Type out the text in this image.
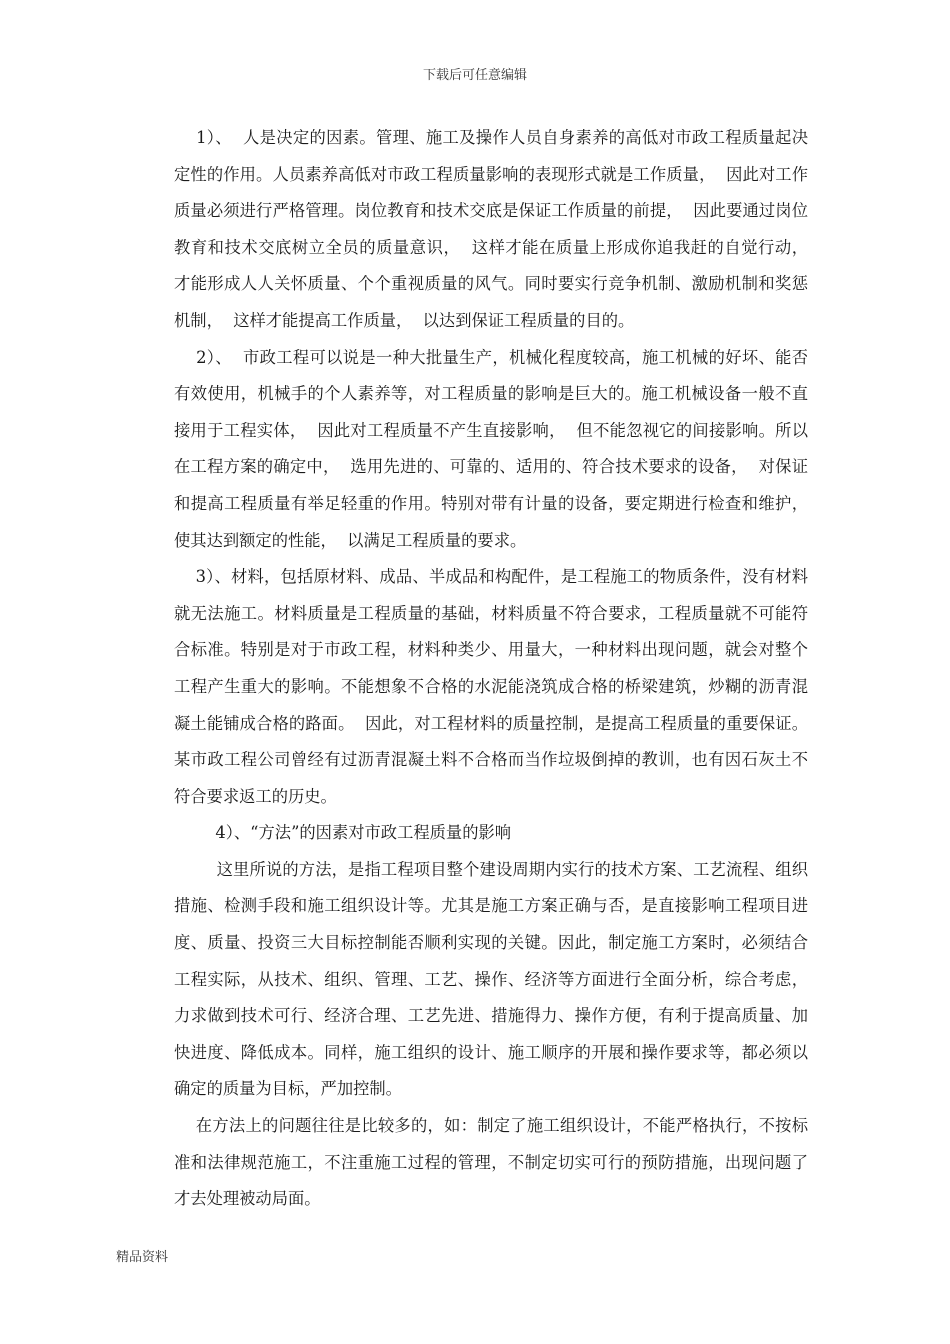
下载后可任意编辑

1）、  人是决定的因素。管理、施工及操作人员自身素养的高低对市政工程质量起决定性的作用。人员素养高低对市政工程质量影响的表现形式就是工作质量，  因此对工作质量必须进行严格管理。岗位教育和技术交底是保证工作质量的前提，  因此要通过岗位教育和技术交底树立全员的质量意识，  这样才能在质量上形成你追我赶的自觉行动，  才能形成人人关怀质量、个个重视质量的风气。同时要实行竞争机制、激励机制和奖惩机制，  这样才能提高工作质量，  以达到保证工程质量的目的。

2）、  市政工程可以说是一种大批量生产，机械化程度较高，施工机械的好坏、能否有效使用，机械手的个人素养等，对工程质量的影响是巨大的。施工机械设备一般不直接用于工程实体，  因此对工程质量不产生直接影响，  但不能忽视它的间接影响。所以在工程方案的确定中，  选用先进的、可靠的、适用的、符合技术要求的设备，  对保证和提高工程质量有举足轻重的作用。特别对带有计量的设备，要定期进行检查和维护，  使其达到额定的性能，  以满足工程质量的要求。

3）、材料，包括原材料、成品、半成品和构配件，是工程施工的物质条件，没有材料就无法施工。材料质量是工程质量的基础，材料质量不符合要求，工程质量就不可能符合标准。特别是对于市政工程，材料种类少、用量大，一种材料出现问题，就会对整个工程产生重大的影响。不能想象不合格的水泥能浇筑成合格的桥梁建筑，炒糊的沥青混凝土能铺成合格的路面。  因此，对工程材料的质量控制，是提高工程质量的重要保证。某市政工程公司曾经有过沥青混凝土料不合格而当作垃圾倒掉的教训，也有因石灰土不符合要求返工的历史。

4）、“方法”的因素对市政工程质量的影响

这里所说的方法，是指工程项目整个建设周期内实行的技术方案、工艺流程、组织措施、检测手段和施工组织设计等。尤其是施工方案正确与否，是直接影响工程项目进度、质量、投资三大目标控制能否顺利实现的关键。因此，制定施工方案时，必须结合工程实际，从技术、组织、管理、工艺、操作、经济等方面进行全面分析，综合考虑，力求做到技术可行、经济合理、工艺先进、措施得力、操作方便，有利于提高质量、加快进度、降低成本。同样，施工组织的设计、施工顺序的开展和操作要求等，都必须以确定的质量为目标，严加控制。

在方法上的问题往往是比较多的，如：制定了施工组织设计，不能严格执行，不按标准和法律规范施工，不注重施工过程的管理，不制定切实可行的预防措施，出现问题了才去处理被动局面。

精品资料
